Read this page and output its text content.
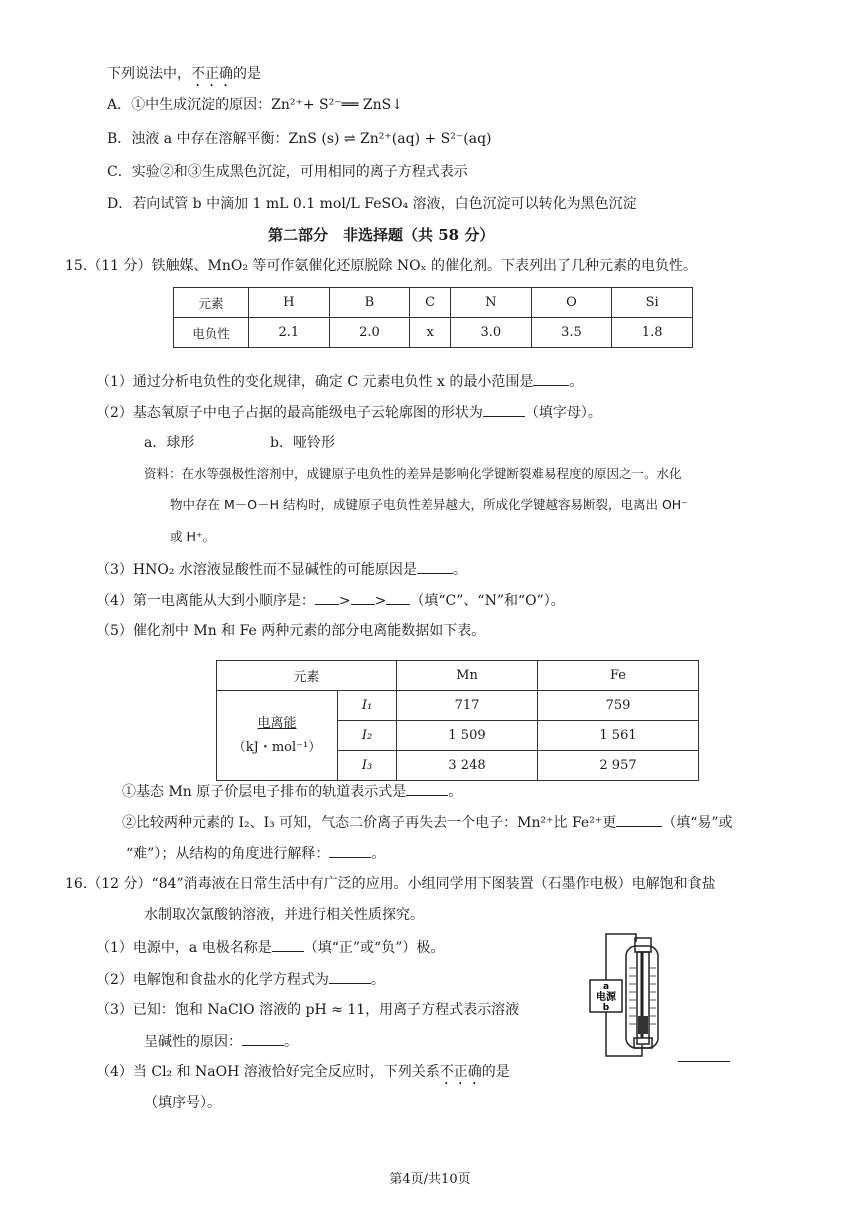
下列说法中，不正确的是
A．①中生成沉淀的原因：Zn²⁺+ S²⁻══ ZnS↓
B．浊液 a 中存在溶解平衡：ZnS (s) ⇌ Zn²⁺(aq) + S²⁻(aq)
C．实验②和③生成黑色沉淀，可用相同的离子方程式表示
D．若向试管 b 中滴加 1 mL 0.1 mol/L FeSO₄ 溶液，白色沉淀可以转化为黑色沉淀
第二部分　非选择题（共 58 分）
15.（11 分）铁触媒、MnO₂ 等可作氨催化还原脱除 NOₓ 的催化剂。下表列出了几种元素的电负性。
元素	H	B	C	N	O	Si
电负性	2.1	2.0	x	3.0	3.5	1.8
（1）通过分析电负性的变化规律，确定 C 元素电负性 x 的最小范围是	。
（2）基态氧原子中电子占据的最高能级电子云轮廓图的形状为	（填字母）。
a．球形	b．哑铃形
资料：在水等强极性溶剂中，成键原子电负性的差异是影响化学键断裂难易程度的原因之一。水化
物中存在 M－O－H 结构时，成键原子电负性差异越大，所成化学键越容易断裂，电离出 OH⁻
或 H⁺。
（3）HNO₂ 水溶液显酸性而不显碱性的可能原因是	。
（4）第一电离能从大到小顺序是： > > （填“C”、“N”和“O”）。
（5）催化剂中 Mn 和 Fe 两种元素的部分电离能数据如下表。
元素		Mn	Fe
电离能
（kJ・mol⁻¹）	I₁	717	759
	I₂	1 509	1 561
	I₃	3 248	2 957
①基态 Mn 原子价层电子排布的轨道表示式是	。
②比较两种元素的 I₂、I₃ 可知，气态二价离子再失去一个电子：Mn²⁺比 Fe²⁺更	（填“易”或
“难”）；从结构的角度进行解释：	。
16.（12 分）“84”消毒液在日常生活中有广泛的应用。小组同学用下图装置（石墨作电极）电解饱和食盐
水制取次氯酸钠溶液，并进行相关性质探究。
（1）电源中，a 电极名称是 （填“正”或“负”）极。
（2）电解饱和食盐水的化学方程式为	。
（3）已知：饱和 NaClO 溶液的 pH ≈ 11，用离子方程式表示溶液
呈碱性的原因：	。
（4）当 Cl₂ 和 NaOH 溶液恰好完全反应时，下列关系不正确的是
（填序号）。
a
电源
b
第4页/共10页
